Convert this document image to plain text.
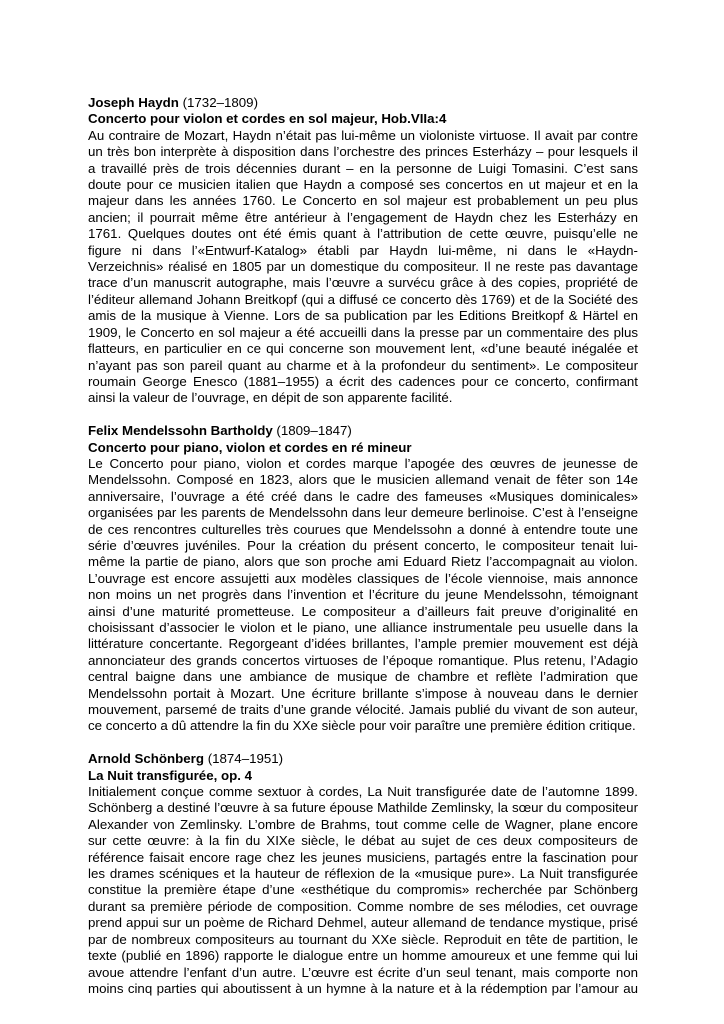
Joseph Haydn (1732–1809)
Concerto pour violon et cordes en sol majeur, Hob.VIIa:4
Au contraire de Mozart, Haydn n’était pas lui-même un violoniste virtuose. Il avait par contre
un très bon interprète à disposition dans l’orchestre des princes Esterházy – pour lesquels il
a travaillé près de trois décennies durant – en la personne de Luigi Tomasini. C’est sans
doute pour ce musicien italien que Haydn a composé ses concertos en ut majeur et en la
majeur dans les années 1760. Le Concerto en sol majeur est probablement un peu plus
ancien; il pourrait même être antérieur à l’engagement de Haydn chez les Esterházy en
1761. Quelques doutes ont été émis quant à l’attribution de cette œuvre, puisqu’elle ne
figure ni dans l’«Entwurf-Katalog» établi par Haydn lui-même, ni dans le «Haydn-
Verzeichnis» réalisé en 1805 par un domestique du compositeur. Il ne reste pas davantage
trace d’un manuscrit autographe, mais l’œuvre a survécu grâce à des copies, propriété de
l’éditeur allemand Johann Breitkopf (qui a diffusé ce concerto dès 1769) et de la Société des
amis de la musique à Vienne. Lors de sa publication par les Editions Breitkopf & Härtel en
1909, le Concerto en sol majeur a été accueilli dans la presse par un commentaire des plus
flatteurs, en particulier en ce qui concerne son mouvement lent, «d’une beauté inégalée et
n’ayant pas son pareil quant au charme et à la profondeur du sentiment». Le compositeur
roumain George Enesco (1881–1955) a écrit des cadences pour ce concerto, confirmant
ainsi la valeur de l’ouvrage, en dépit de son apparente facilité.
Felix Mendelssohn Bartholdy (1809–1847)
Concerto pour piano, violon et cordes en ré mineur
Le Concerto pour piano, violon et cordes marque l’apogée des œuvres de jeunesse de
Mendelssohn. Composé en 1823, alors que le musicien allemand venait de fêter son 14e
anniversaire, l’ouvrage a été créé dans le cadre des fameuses «Musiques dominicales»
organisées par les parents de Mendelssohn dans leur demeure berlinoise. C’est à l’enseigne
de ces rencontres culturelles très courues que Mendelssohn a donné à entendre toute une
série d’œuvres juvéniles. Pour la création du présent concerto, le compositeur tenait lui-
même la partie de piano, alors que son proche ami Eduard Rietz l’accompagnait au violon.
L’ouvrage est encore assujetti aux modèles classiques de l’école viennoise, mais annonce
non moins un net progrès dans l’invention et l’écriture du jeune Mendelssohn, témoignant
ainsi d’une maturité prometteuse. Le compositeur a d’ailleurs fait preuve d’originalité en
choisissant d’associer le violon et le piano, une alliance instrumentale peu usuelle dans la
littérature concertante. Regorgeant d’idées brillantes, l’ample premier mouvement est déjà
annonciateur des grands concertos virtuoses de l’époque romantique. Plus retenu, l’Adagio
central baigne dans une ambiance de musique de chambre et reflète l’admiration que
Mendelssohn portait à Mozart. Une écriture brillante s’impose à nouveau dans le dernier
mouvement, parsemé de traits d’une grande vélocité. Jamais publié du vivant de son auteur,
ce concerto a dû attendre la fin du XXe siècle pour voir paraître une première édition critique.
Arnold Schönberg (1874–1951)
La Nuit transfigurée, op. 4
Initialement conçue comme sextuor à cordes, La Nuit transfigurée date de l’automne 1899.
Schönberg a destiné l’œuvre à sa future épouse Mathilde Zemlinsky, la sœur du compositeur
Alexander von Zemlinsky. L’ombre de Brahms, tout comme celle de Wagner, plane encore
sur cette œuvre: à la fin du XIXe siècle, le débat au sujet de ces deux compositeurs de
référence faisait encore rage chez les jeunes musiciens, partagés entre la fascination pour
les drames scéniques et la hauteur de réflexion de la «musique pure». La Nuit transfigurée
constitue la première étape d’une «esthétique du compromis» recherchée par Schönberg
durant sa première période de composition. Comme nombre de ses mélodies, cet ouvrage
prend appui sur un poème de Richard Dehmel, auteur allemand de tendance mystique, prisé
par de nombreux compositeurs au tournant du XXe siècle. Reproduit en tête de partition, le
texte (publié en 1896) rapporte le dialogue entre un homme amoureux et une femme qui lui
avoue attendre l’enfant d’un autre. L’œuvre est écrite d’un seul tenant, mais comporte non
moins cinq parties qui aboutissent à un hymne à la nature et à la rédemption par l’amour au
